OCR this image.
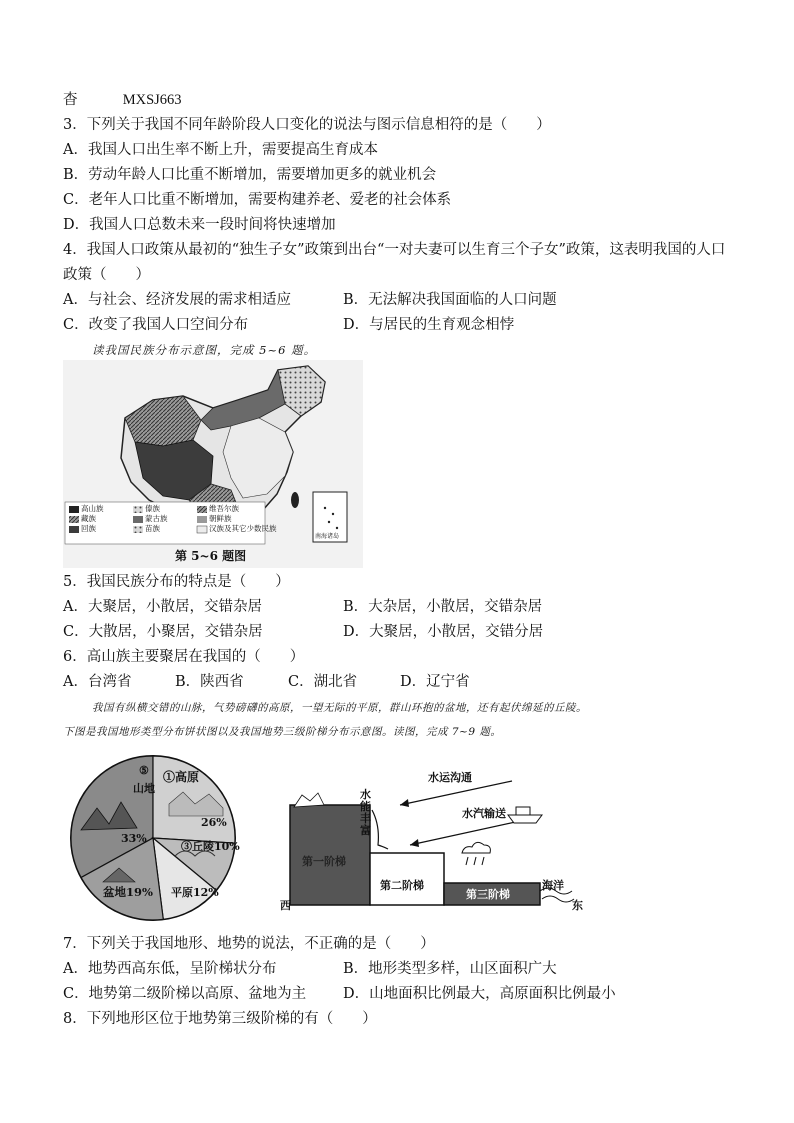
杳	MXSJ663
3．下列关于我国不同年龄阶段人口变化的说法与图示信息相符的是（　　）
A．我国人口出生率不断上升，需要提高生育成本
B．劳动年龄人口比重不断增加，需要增加更多的就业机会
C．老年人口比重不断增加，需要构建养老、爱老的社会体系
D．我国人口总数未来一段时间将快速增加
4．我国人口政策从最初的“独生子女”政策到出台“一对夫妻可以生育三个子女”政策，这表明我国的人口
政策（　　）
A．与社会、经济发展的需求相适应	B．无法解决我国面临的人口问题
C．改变了我国人口空间分布	D．与居民的生育观念相悖
读我国民族分布示意图，完成 5~6 题。
高山族
藏族
回族
傣族
蒙古族
苗族
维吾尔族
朝鲜族
汉族及其它少数民族
南海诸岛
第 5~6 题图
5．我国民族分布的特点是（　　）
A．大聚居，小散居，交错杂居	B．大杂居，小散居，交错杂居
C．大散居，小聚居，交错杂居	D．大聚居，小散居，交错分居
6．高山族主要聚居在我国的（　　）
A．台湾省	B．陕西省	C．湖北省	D．辽宁省
我国有纵横交错的山脉，气势磅礴的高原，一望无际的平原，群山环抱的盆地，还有起伏绵延的丘陵。
下图是我国地形类型分布饼状图以及我国地势三级阶梯分布示意图。读图，完成 7~9 题。
⑤
山地
①高原
33%
26%
③丘陵10%
盆地19% 平原12%
西	东
水运沟通
水汽输送
水能丰富
第一阶梯
第二阶梯
第三阶梯
海洋
7．下列关于我国地形、地势的说法，不正确的是（　　）
A．地势西高东低，呈阶梯状分布	B．地形类型多样，山区面积广大
C．地势第二级阶梯以高原、盆地为主	D．山地面积比例最大，高原面积比例最小
8．下列地形区位于地势第三级阶梯的有（　　）
